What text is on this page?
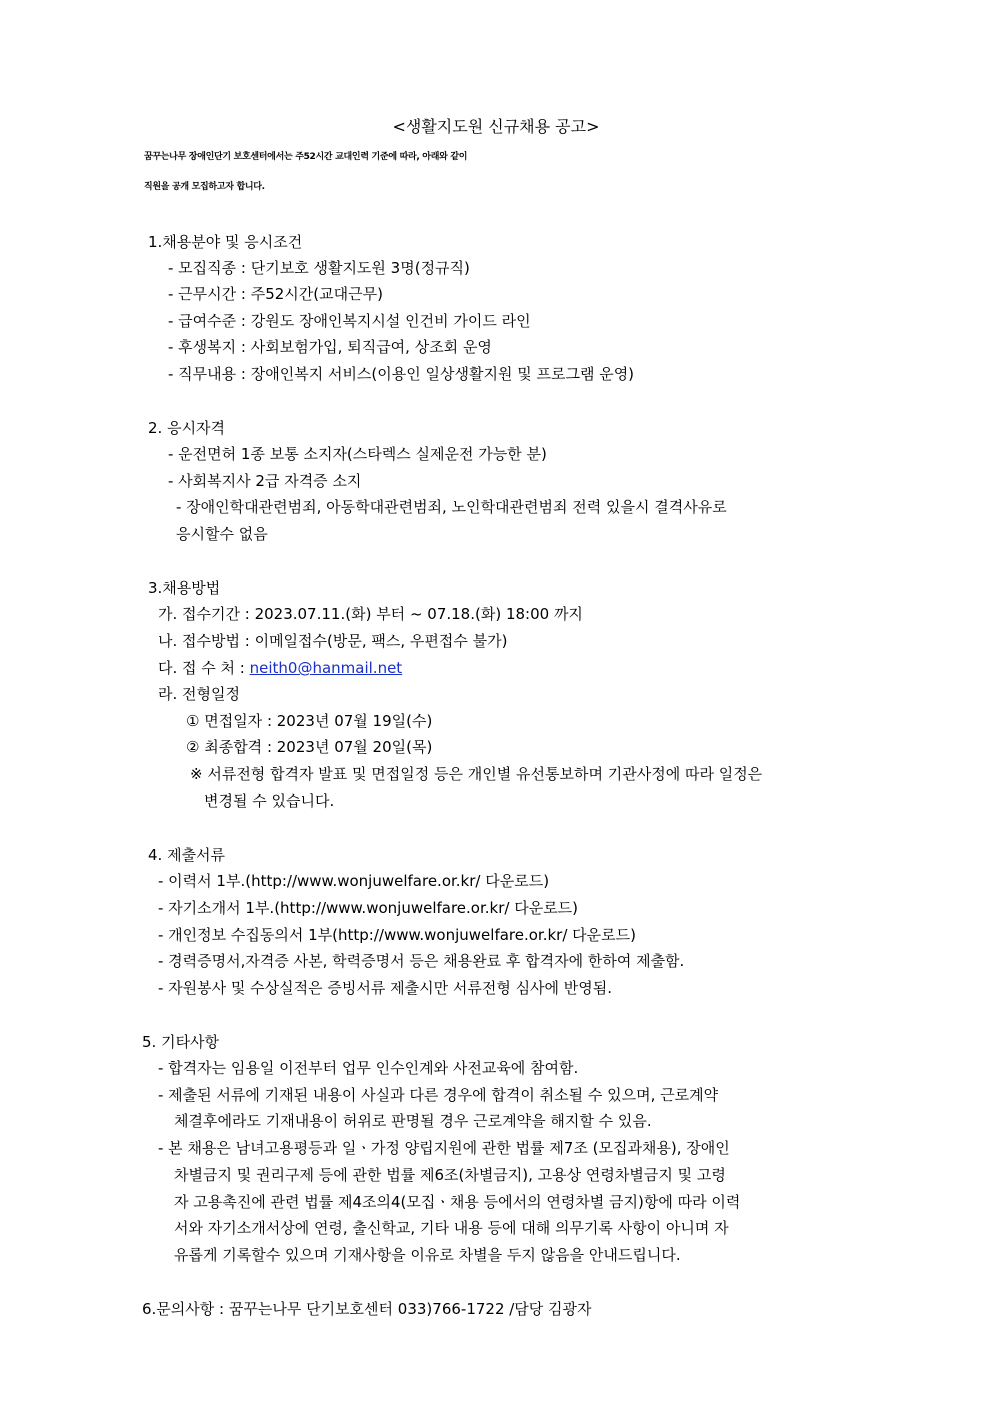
<생활지도원 신규채용 공고>
꿈꾸는나무 장애인단기 보호센터에서는 주52시간 교대인력 기준에 따라, 아래와 같이
직원을 공개 모집하고자 합니다.
1.채용분야 및 응시조건
- 모집직종 : 단기보호 생활지도원 3명(정규직)
- 근무시간 : 주52시간(교대근무)
- 급여수준 : 강원도 장애인복지시설 인건비 가이드 라인
- 후생복지 : 사회보험가입, 퇴직급여, 상조회 운영
- 직무내용 : 장애인복지 서비스(이용인 일상생활지원 및 프로그램 운영)
2. 응시자격
- 운전면허 1종 보통 소지자(스타렉스 실제운전 가능한 분)
- 사회복지사 2급 자격증 소지
- 장애인학대관련범죄, 아동학대관련범죄, 노인학대관련범죄 전력 있을시 결격사유로
응시할수 없음
3.채용방법
가. 접수기간 : 2023.07.11.(화) 부터 ~ 07.18.(화) 18:00 까지
나. 접수방법 : 이메일접수(방문, 팩스, 우편접수 불가)
다. 접 수 처 : neith0@hanmail.net
라. 전형일정
① 면접일자 : 2023년 07월 19일(수)
② 최종합격 : 2023년 07월 20일(목)
※ 서류전형 합격자 발표 및 면접일정 등은 개인별 유선통보하며 기관사정에 따라 일정은
변경될 수 있습니다.
4. 제출서류
- 이력서 1부.(http://www.wonjuwelfare.or.kr/ 다운로드)
- 자기소개서 1부.(http://www.wonjuwelfare.or.kr/ 다운로드)
- 개인정보 수집동의서 1부(http://www.wonjuwelfare.or.kr/ 다운로드)
- 경력증명서,자격증 사본, 학력증명서 등은 채용완료 후 합격자에 한하여 제출함.
- 자원봉사 및 수상실적은 증빙서류 제출시만 서류전형 심사에 반영됨.
5. 기타사항
- 합격자는 임용일 이전부터 업무 인수인계와 사전교육에 참여함.
- 제출된 서류에 기재된 내용이 사실과 다른 경우에 합격이 취소될 수 있으며, 근로계약
체결후에라도 기재내용이 허위로 판명될 경우 근로계약을 해지할 수 있음.
- 본 채용은 남녀고용평등과 일ㆍ가정 양립지원에 관한 법률 제7조 (모집과채용), 장애인
차별금지 및 권리구제 등에 관한 법률 제6조(차별금지), 고용상 연령차별금지 및 고령
자 고용촉진에 관련 법률 제4조의4(모집ㆍ채용 등에서의 연령차별 금지)항에 따라 이력
서와 자기소개서상에 연령, 출신학교, 기타 내용 등에 대해 의무기록 사항이 아니며 자
유롭게 기록할수 있으며 기재사항을 이유로 차별을 두지 않음을 안내드립니다.
6.문의사항 : 꿈꾸는나무 단기보호센터 033)766-1722 /담당 김광자
